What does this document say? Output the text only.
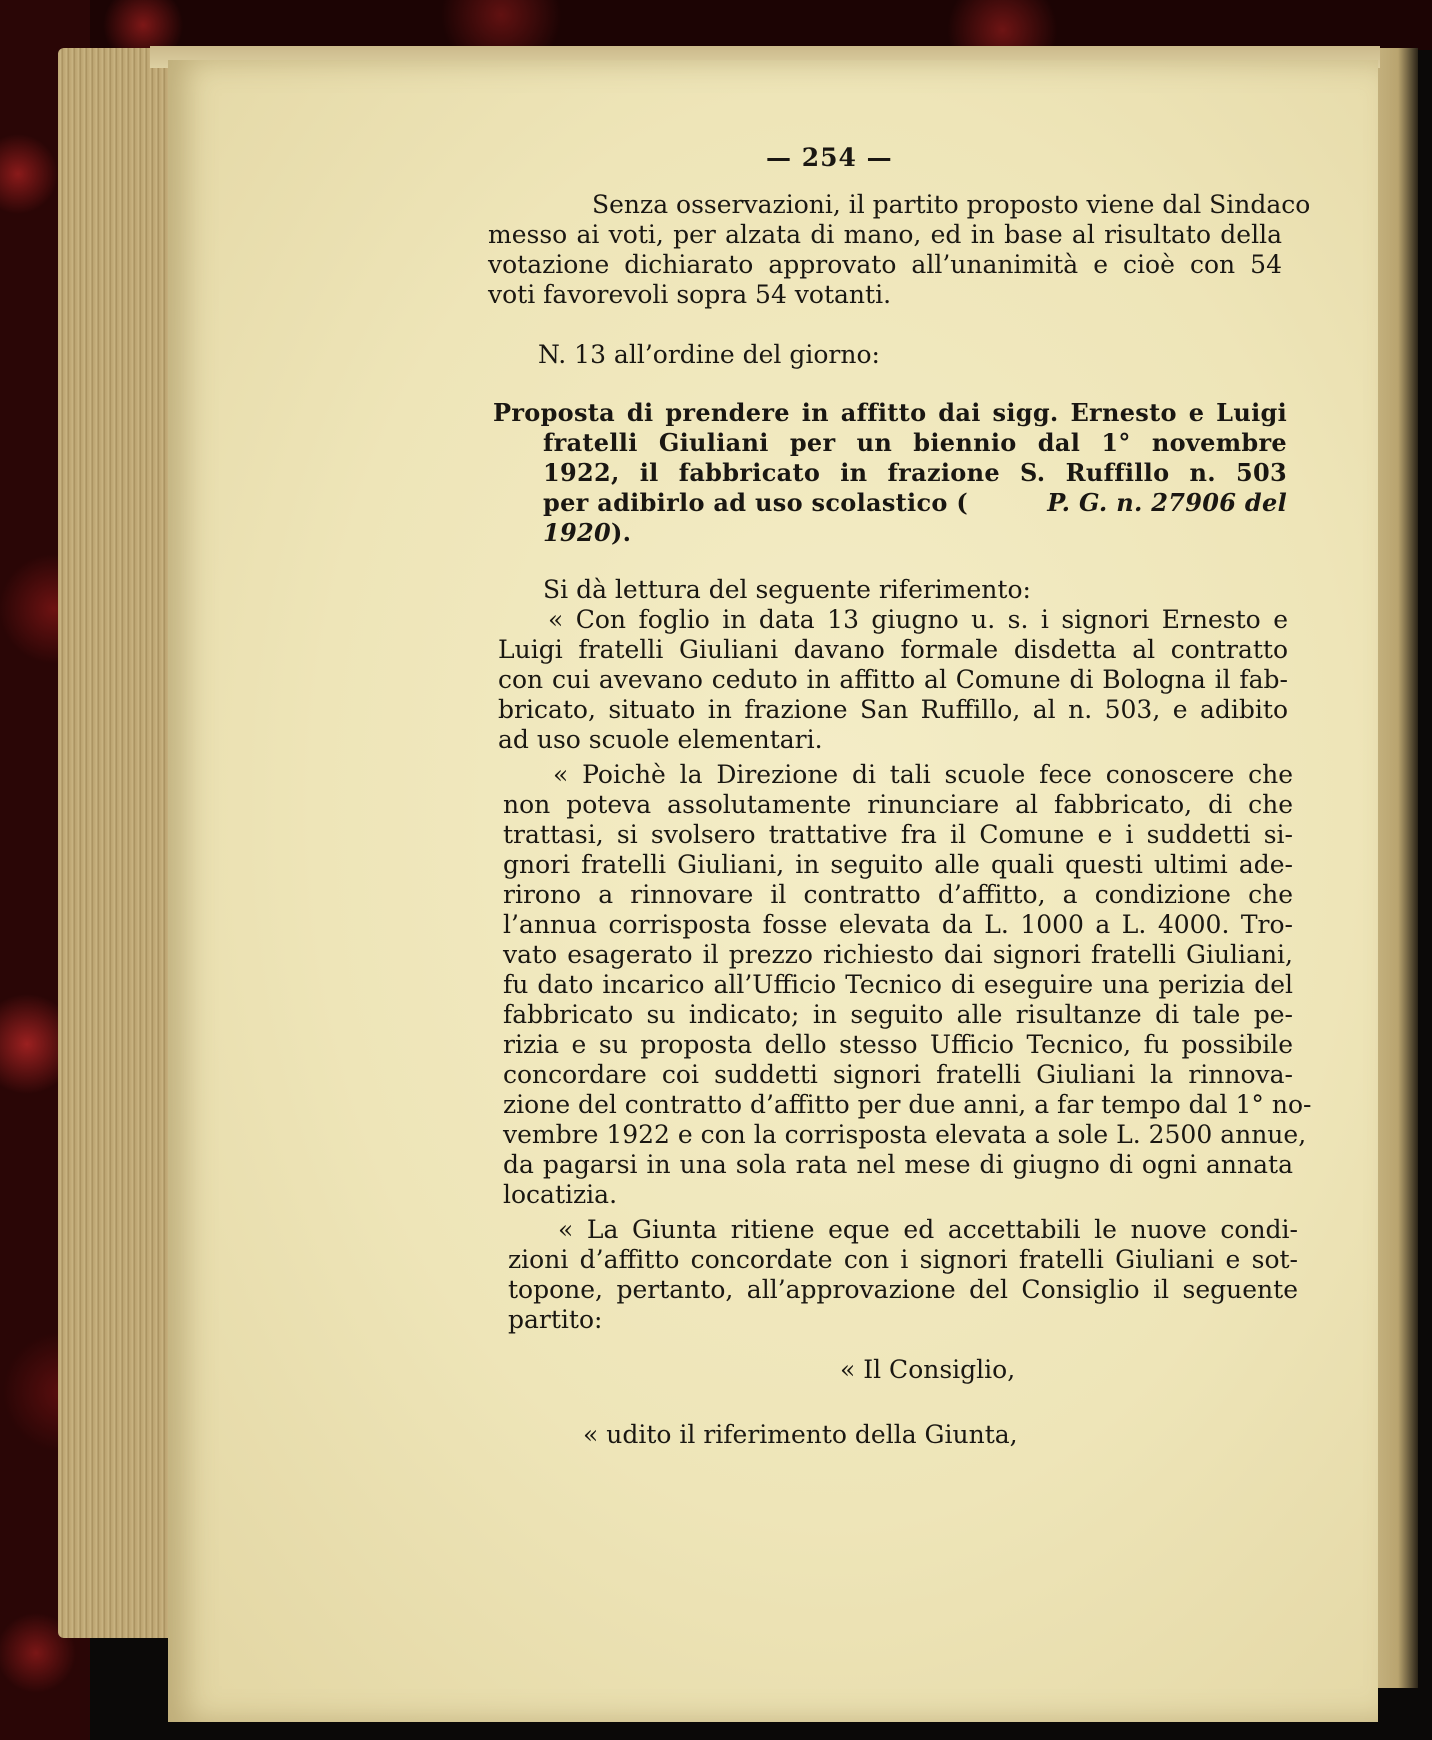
— 254 —
Senza osservazioni, il partito proposto viene dal Sindaco
messo ai voti, per alzata di mano, ed in base al risultato della
votazione dichiarato approvato all’unanimità e cioè con 54
voti favorevoli sopra 54 votanti.
N. 13 all’ordine del giorno:
Proposta di prendere in affitto dai sigg. Ernesto e Luigi
fratelli Giuliani per un biennio dal 1° novembre
1922, il fabbricato in frazione S. Ruffillo n. 503
per adibirlo ad uso scolastico (	P. G. n. 27906 del
1920).
Si dà lettura del seguente riferimento:
« Con foglio in data 13 giugno u. s. i signori Ernesto e
Luigi fratelli Giuliani davano formale disdetta al contratto
con cui avevano ceduto in affitto al Comune di Bologna il fab-
bricato, situato in frazione San Ruffillo, al n. 503, e adibito
ad uso scuole elementari.
« Poichè la Direzione di tali scuole fece conoscere che
non poteva assolutamente rinunciare al fabbricato, di che
trattasi, si svolsero trattative fra il Comune e i suddetti si-
gnori fratelli Giuliani, in seguito alle quali questi ultimi ade-
rirono a rinnovare il contratto d’affitto, a condizione che
l’annua corrisposta fosse elevata da L. 1000 a L. 4000. Tro-
vato esagerato il prezzo richiesto dai signori fratelli Giuliani,
fu dato incarico all’Ufficio Tecnico di eseguire una perizia del
fabbricato su indicato; in seguito alle risultanze di tale pe-
rizia e su proposta dello stesso Ufficio Tecnico, fu possibile
concordare coi suddetti signori fratelli Giuliani la rinnova-
zione del contratto d’affitto per due anni, a far tempo dal 1° no-
vembre 1922 e con la corrisposta elevata a sole L. 2500 annue,
da pagarsi in una sola rata nel mese di giugno di ogni annata
locatizia.
« La Giunta ritiene eque ed accettabili le nuove condi-
zioni d’affitto concordate con i signori fratelli Giuliani e sot-
topone, pertanto, all’approvazione del Consiglio il seguente
partito:
« Il Consiglio,
« udito il riferimento della Giunta,
